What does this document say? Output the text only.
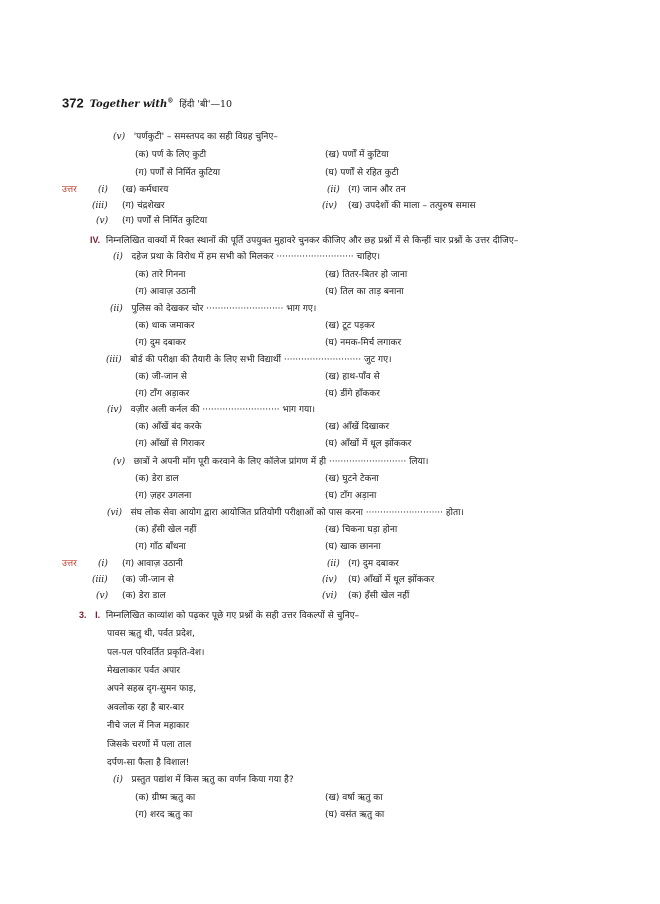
372 Together with® हिंदी 'बी'—10
(v) 'पर्णकुटी' – समस्तपद का सही विग्रह चुनिए–
(क) पर्ण के लिए कुटी	(ख) पर्णों में कुटिया
(ग) पर्णों से निर्मित कुटिया	(घ) पर्णों से रहित कुटी
उत्तर (i) (ख) कर्मधारय	(ii) (ग) जान और तन
(iii) (ग) चंद्रशेखर	(iv) (ख) उपदेशों की माला – तत्पुरुष समास
(v) (ग) पर्णों से निर्मित कुटिया
IV. निम्नलिखित वाक्यों में रिक्त स्थानों की पूर्ति उपयुक्त मुहावरे चुनकर कीजिए और छह प्रश्नों में से किन्हीं चार प्रश्नों के उत्तर दीजिए–
(i) दहेज प्रथा के विरोध में हम सभी को मिलकर ··························· चाहिए।
(क) तारे गिनना	(ख) तितर-बितर हो जाना
(ग) आवाज़ उठानी	(घ) तिल का ताड़ बनाना
(ii) पुलिस को देखकर चोर ··························· भाग गए।
(क) धाक जमाकर	(ख) टूट पड़कर
(ग) दुम दबाकर	(घ) नमक-मिर्च लगाकर
(iii) बोर्ड की परीक्षा की तैयारी के लिए सभी विद्यार्थी ··························· जुट गए।
(क) जी-जान से	(ख) हाथ-पाँव से
(ग) टाँग अड़ाकर	(घ) डींगे हाँककर
(iv) वज़ीर अली कर्नल की ··························· भाग गया।
(क) आँखें बंद करके	(ख) आँखें दिखाकर
(ग) आँखों से गिराकर	(घ) आँखों में धूल झोंककर
(v) छात्रों ने अपनी माँग पूरी करवाने के लिए कॉलेज प्रांगण में ही ··························· लिया।
(क) डेरा डाल	(ख) घुटने टेकना
(ग) ज़हर उगलना	(घ) टाँग अड़ाना
(vi) संघ लोक सेवा आयोग द्वारा आयोजित प्रतियोगी परीक्षाओं को पास करना ··························· होता।
(क) हँसी खेल नहीं	(ख) चिकना घड़ा होना
(ग) गाँठ बाँधना	(घ) खाक छानना
उत्तर (i) (ग) आवाज़ उठानी	(ii) (ग) दुम दबाकर
(iii) (क) जी-जान से	(iv) (घ) आँखों में धूल झोंककर
(v) (क) डेरा डाल	(vi) (क) हँसी खेल नहीं
3. I. निम्नलिखित काव्यांश को पढ़कर पूछे गए प्रश्नों के सही उत्तर विकल्पों से चुनिए–
पावस ऋतु थी, पर्वत प्रदेश,
पल-पल परिवर्तित प्रकृति-वेश।
मेखलाकार पर्वत अपार
अपने सहस्र दृग-सुमन फाड़,
अवलोक रहा है बार-बार
नीचे जल में निज महाकार
जिसके चरणों में पला ताल
दर्पण-सा फैला है विशाल!
(i) प्रस्तुत पद्यांश में किस ऋतु का वर्णन किया गया है?
(क) ग्रीष्म ऋतु का	(ख) वर्षा ऋतु का
(ग) शरद ऋतु का	(घ) वसंत ऋतु का
